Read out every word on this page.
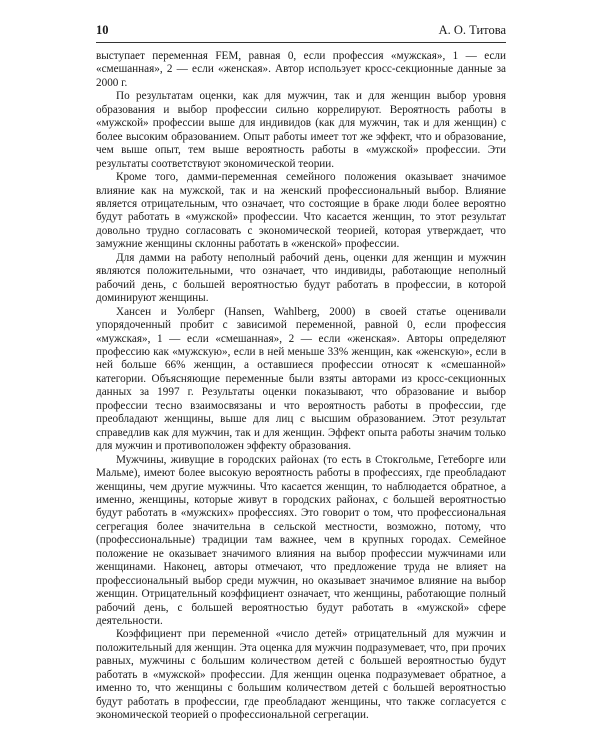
10	А. О. Титова

выступает переменная FEM, равная 0, если профессия «мужская», 1 — если «смешанная», 2 — если «женская». Автор использует кросс-секционные данные за 2000 г.

По результатам оценки, как для мужчин, так и для женщин выбор уровня образования и выбор профессии сильно коррелируют. Вероятность работы в «мужской» профессии выше для индивидов (как для мужчин, так и для женщин) с более высоким образованием. Опыт работы имеет тот же эффект, что и образование, чем выше опыт, тем выше вероятность работы в «мужской» профессии. Эти результаты соответствуют экономической теории.

Кроме того, дамми-переменная семейного положения оказывает значимое влияние как на мужской, так и на женский профессиональный выбор. Влияние является отрицательным, что означает, что состоящие в браке люди более вероятно будут работать в «мужской» профессии. Что касается женщин, то этот результат довольно трудно согласовать с экономической теорией, которая утверждает, что замужние женщины склонны работать в «женской» профессии.

Для дамми на работу неполный рабочий день, оценки для женщин и мужчин являются положительными, что означает, что индивиды, работающие неполный рабочий день, с большей вероятностью будут работать в профессии, в которой доминируют женщины.

Хансен и Уолберг (Hansen, Wahlberg, 2000) в своей статье оценивали упорядоченный пробит с зависимой переменной, равной 0, если профессия «мужская», 1 — если «смешанная», 2 — если «женская». Авторы определяют профессию как «мужскую», если в ней меньше 33% женщин, как «женскую», если в ней больше 66% женщин, а оставшиеся профессии относят к «смешанной» категории. Объясняющие переменные были взяты авторами из кросс-секционных данных за 1997 г. Результаты оценки показывают, что образование и выбор профессии тесно взаимосвязаны и что вероятность работы в профессии, где преобладают женщины, выше для лиц с высшим образованием. Этот результат справедлив как для мужчин, так и для женщин. Эффект опыта работы значим только для мужчин и противоположен эффекту образования.

Мужчины, живущие в городских районах (то есть в Стокгольме, Гетеборге или Мальме), имеют более высокую вероятность работы в профессиях, где преобладают женщины, чем другие мужчины. Что касается женщин, то наблюдается обратное, а именно, женщины, которые живут в городских районах, с большей вероятностью будут работать в «мужских» профессиях. Это говорит о том, что профессиональная сегрегация более значительна в сельской местности, возможно, потому, что (профессиональные) традиции там важнее, чем в крупных городах. Семейное положение не оказывает значимого влияния на выбор профессии мужчинами или женщинами. Наконец, авторы отмечают, что предложение труда не влияет на профессиональный выбор среди мужчин, но оказывает значимое влияние на выбор женщин. Отрицательный коэффициент означает, что женщины, работающие полный рабочий день, с большей вероятностью будут работать в «мужской» сфере деятельности.

Коэффициент при переменной «число детей» отрицательный для мужчин и положительный для женщин. Эта оценка для мужчин подразумевает, что, при прочих равных, мужчины с большим количеством детей с большей вероятностью будут работать в «мужской» профессии. Для женщин оценка подразумевает обратное, а именно то, что женщины с большим количеством детей с большей вероятностью будут работать в профессии, где преобладают женщины, что также согласуется с экономической теорией о профессиональной сегрегации.
